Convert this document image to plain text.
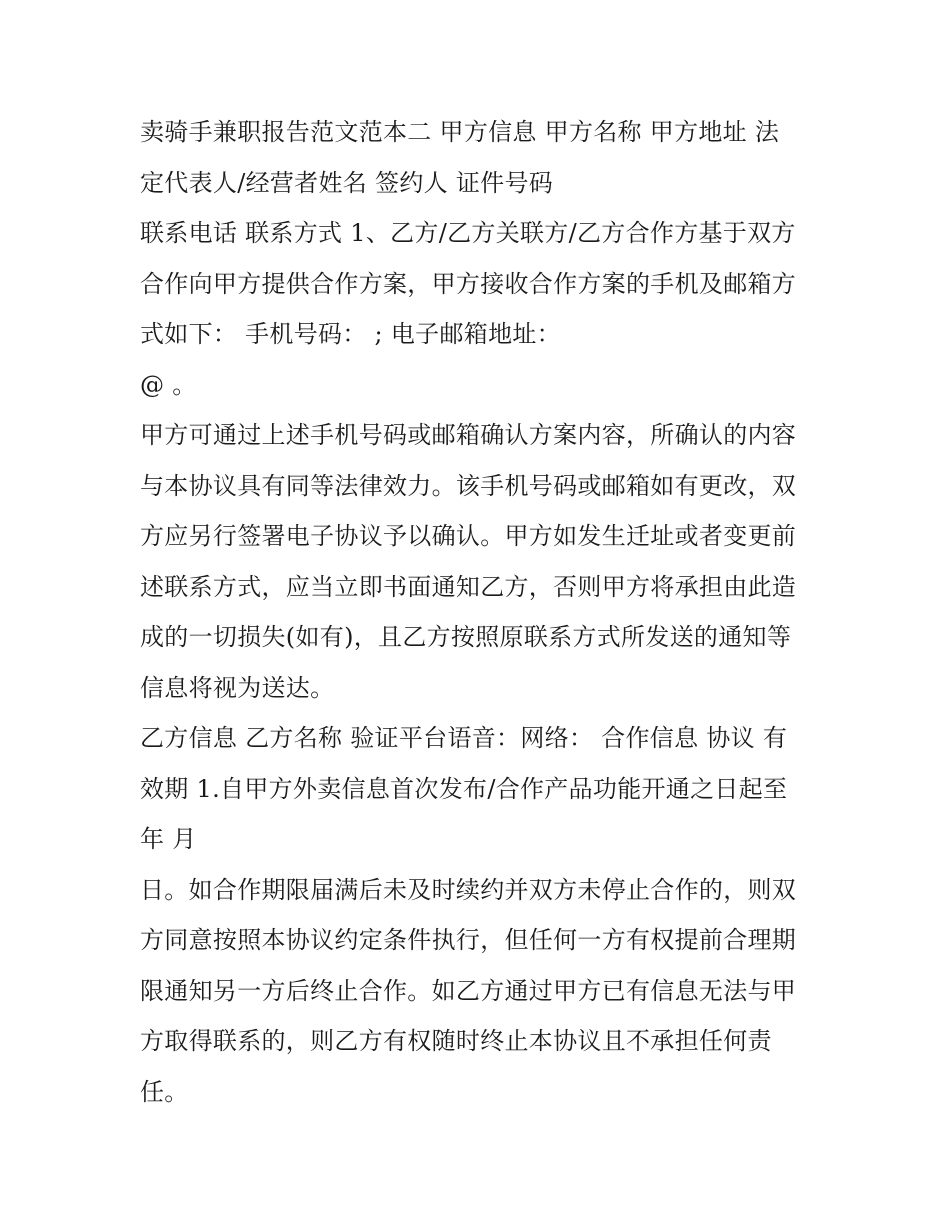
卖骑手兼职报告范文范本二 甲方信息 甲方名称 甲方地址 法
定代表人/经营者姓名 签约人 证件号码

联系电话 联系方式 1、乙方/乙方关联方/乙方合作方基于双方
合作向甲方提供合作方案，甲方接收合作方案的手机及邮箱方
式如下： 手机号码： ; 电子邮箱地址：

@ 。

甲方可通过上述手机号码或邮箱确认方案内容，所确认的内容
与本协议具有同等法律效力。该手机号码或邮箱如有更改，双
方应另行签署电子协议予以确认。甲方如发生迁址或者变更前
述联系方式，应当立即书面通知乙方，否则甲方将承担由此造
成的一切损失(如有)，且乙方按照原联系方式所发送的通知等
信息将视为送达。

乙方信息 乙方名称 验证平台语音：网络： 合作信息 协议 有
效期 1.自甲方外卖信息首次发布/合作产品功能开通之日起至
年 月

日。如合作期限届满后未及时续约并双方未停止合作的，则双
方同意按照本协议约定条件执行，但任何一方有权提前合理期
限通知另一方后终止合作。如乙方通过甲方已有信息无法与甲
方取得联系的，则乙方有权随时终止本协议且不承担任何责
任。
